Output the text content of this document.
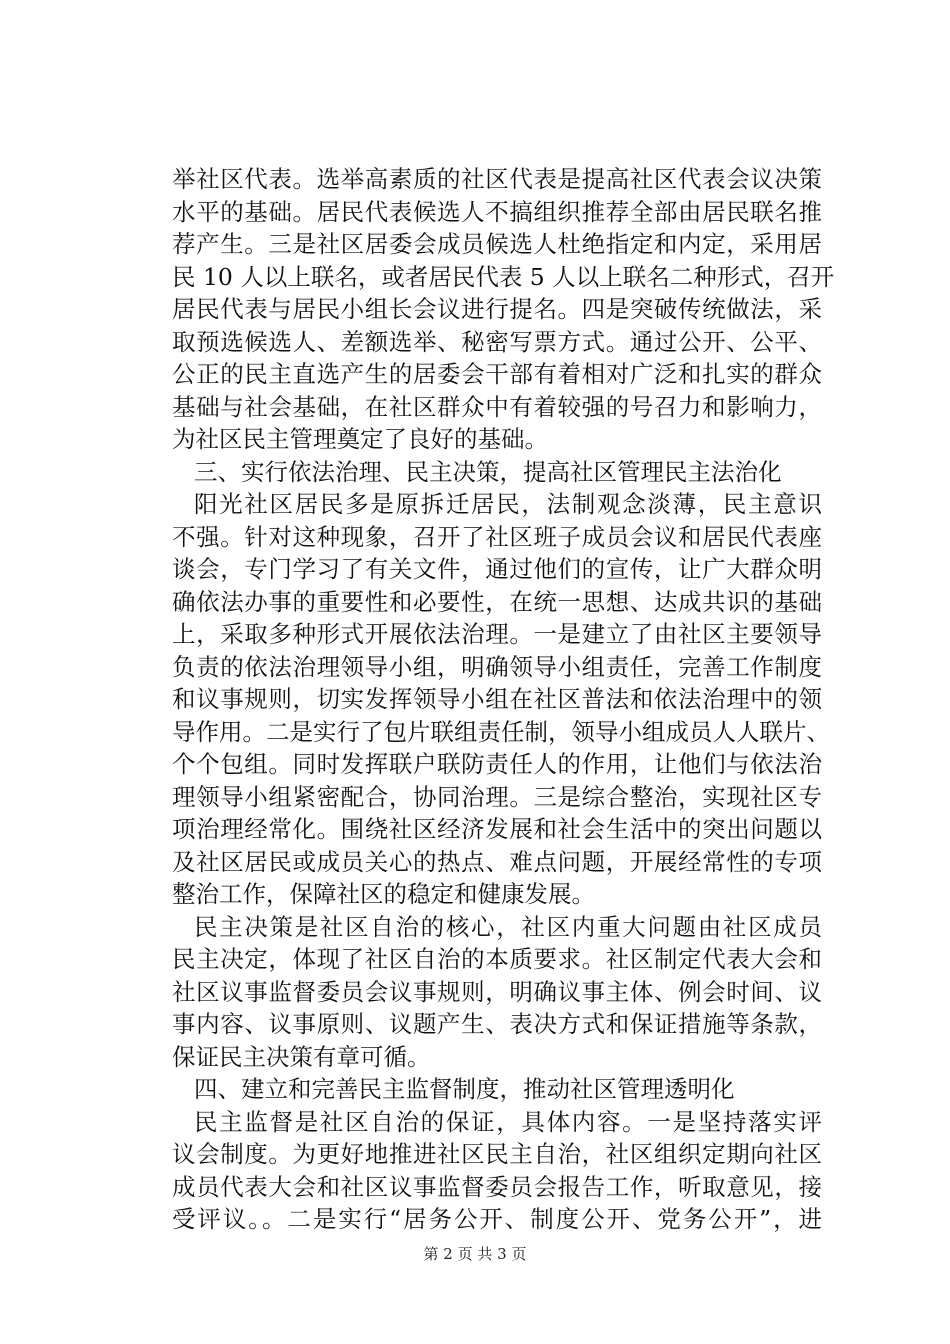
举社区代表。选举高素质的社区代表是提高社区代表会议决策
水平的基础。居民代表候选人不搞组织推荐全部由居民联名推
荐产生。三是社区居委会成员候选人杜绝指定和内定，采用居
民 10 人以上联名，或者居民代表 5 人以上联名二种形式，召开
居民代表与居民小组长会议进行提名。四是突破传统做法，采
取预选候选人、差额选举、秘密写票方式。通过公开、公平、
公正的民主直选产生的居委会干部有着相对广泛和扎实的群众
基础与社会基础，在社区群众中有着较强的号召力和影响力，
为社区民主管理奠定了良好的基础。
三、实行依法治理、民主决策，提高社区管理民主法治化
阳光社区居民多是原拆迁居民，法制观念淡薄，民主意识
不强。针对这种现象，召开了社区班子成员会议和居民代表座
谈会，专门学习了有关文件，通过他们的宣传，让广大群众明
确依法办事的重要性和必要性，在统一思想、达成共识的基础
上，采取多种形式开展依法治理。一是建立了由社区主要领导
负责的依法治理领导小组，明确领导小组责任，完善工作制度
和议事规则，切实发挥领导小组在社区普法和依法治理中的领
导作用。二是实行了包片联组责任制，领导小组成员人人联片、
个个包组。同时发挥联户联防责任人的作用，让他们与依法治
理领导小组紧密配合，协同治理。三是综合整治，实现社区专
项治理经常化。围绕社区经济发展和社会生活中的突出问题以
及社区居民或成员关心的热点、难点问题，开展经常性的专项
整治工作，保障社区的稳定和健康发展。
民主决策是社区自治的核心，社区内重大问题由社区成员
民主决定，体现了社区自治的本质要求。社区制定代表大会和
社区议事监督委员会议事规则，明确议事主体、例会时间、议
事内容、议事原则、议题产生、表决方式和保证措施等条款，
保证民主决策有章可循。
四、建立和完善民主监督制度，推动社区管理透明化
民主监督是社区自治的保证，具体内容。一是坚持落实评
议会制度。为更好地推进社区民主自治，社区组织定期向社区
成员代表大会和社区议事监督委员会报告工作，听取意见，接
受评议。。二是实行“居务公开、制度公开、党务公开”，进
第 2 页 共 3 页
